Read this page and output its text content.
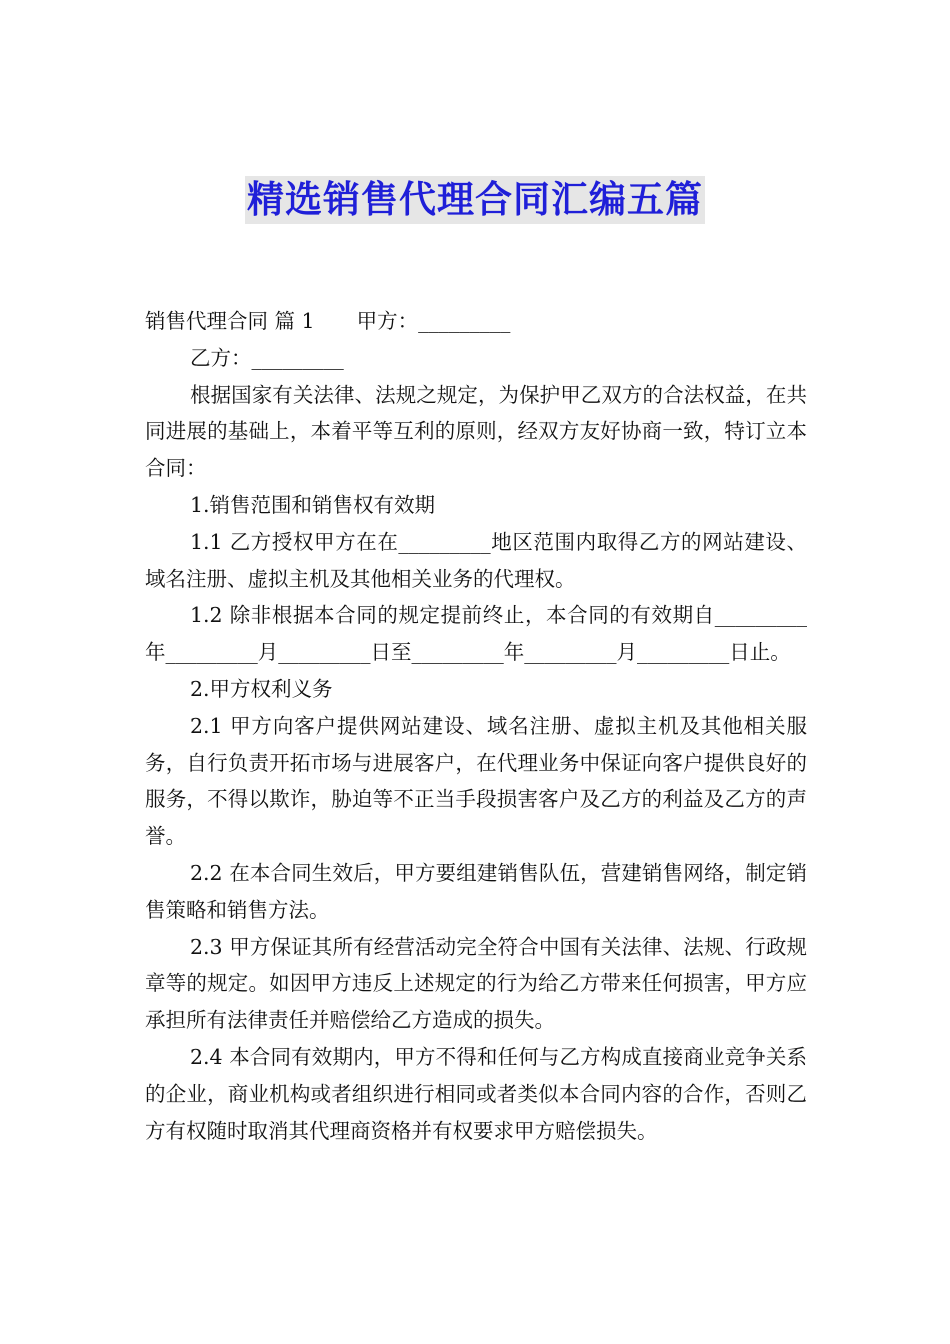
精选销售代理合同汇编五篇

销售代理合同 篇 1 甲方：_________

乙方：_________

根据国家有关法律、法规之规定，为保护甲乙双方的合法权益，在共同进展的基础上，本着平等互利的原则，经双方友好协商一致，特订立本合同：

1.销售范围和销售权有效期

1.1 乙方授权甲方在在_________地区范围内取得乙方的网站建设、域名注册、虚拟主机及其他相关业务的代理权。

1.2 除非根据本合同的规定提前终止，本合同的有效期自_________年_________月_________日至_________年_________月_________日止。

2.甲方权利义务

2.1 甲方向客户提供网站建设、域名注册、虚拟主机及其他相关服务，自行负责开拓市场与进展客户，在代理业务中保证向客户提供良好的服务，不得以欺诈，胁迫等不正当手段损害客户及乙方的利益及乙方的声誉。

2.2 在本合同生效后，甲方要组建销售队伍，营建销售网络，制定销售策略和销售方法。

2.3 甲方保证其所有经营活动完全符合中国有关法律、法规、行政规章等的规定。如因甲方违反上述规定的行为给乙方带来任何损害，甲方应承担所有法律责任并赔偿给乙方造成的损失。

2.4 本合同有效期内，甲方不得和任何与乙方构成直接商业竞争关系的企业，商业机构或者组织进行相同或者类似本合同内容的合作，否则乙方有权随时取消其代理商资格并有权要求甲方赔偿损失。
